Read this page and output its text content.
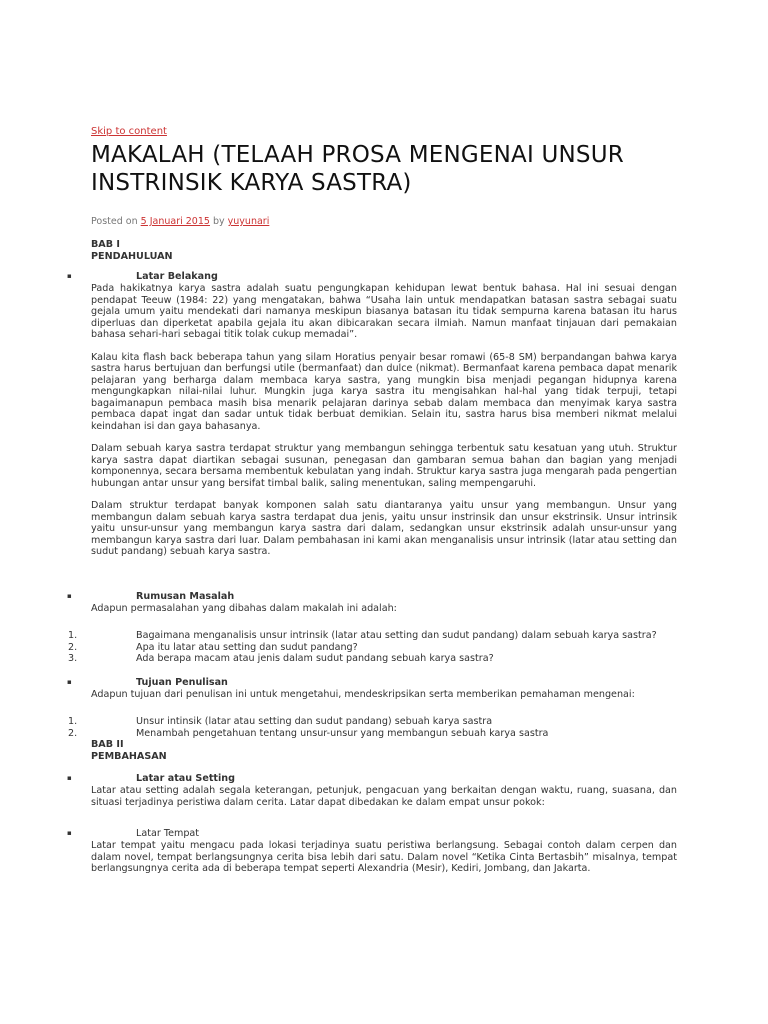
Skip to content
MAKALAH (TELAAH PROSA MENGENAI UNSUR INSTRINSIK KARYA SASTRA)
Posted on 5 Januari 2015 by yuyunari

BAB I

PENDAHULUAN

▪	Latar Belakang

Pada hakikatnya karya sastra adalah suatu pengungkapan kehidupan lewat bentuk bahasa. Hal ini sesuai dengan pendapat Teeuw (1984: 22) yang mengatakan, bahwa “Usaha lain untuk mendapatkan batasan sastra sebagai suatu gejala umum yaitu mendekati dari namanya meskipun biasanya batasan itu tidak sempurna karena batasan itu harus diperluas dan diperketat apabila gejala itu akan dibicarakan secara ilmiah. Namun manfaat tinjauan dari pemakaian bahasa sehari-hari sebagai titik tolak cukup memadai”.

Kalau kita flash back beberapa tahun yang silam Horatius penyair besar romawi (65-8 SM) berpandangan bahwa karya sastra harus bertujuan dan berfungsi utile (bermanfaat) dan dulce (nikmat). Bermanfaat karena pembaca dapat menarik pelajaran yang berharga dalam membaca karya sastra, yang mungkin bisa menjadi pegangan hidupnya karena mengungkapkan nilai-nilai luhur. Mungkin juga karya sastra itu mengisahkan hal-hal yang tidak terpuji, tetapi bagaimanapun pembaca masih bisa menarik pelajaran darinya sebab dalam membaca dan menyimak karya sastra pembaca dapat ingat dan sadar untuk tidak berbuat demikian. Selain itu, sastra harus bisa memberi nikmat melalui keindahan isi dan gaya bahasanya.

Dalam sebuah karya sastra terdapat struktur yang membangun sehingga terbentuk satu kesatuan yang utuh. Struktur karya sastra dapat diartikan sebagai susunan, penegasan dan gambaran semua bahan dan bagian yang menjadi komponennya, secara bersama membentuk kebulatan yang indah. Struktur karya sastra juga mengarah pada pengertian hubungan antar unsur yang bersifat timbal balik, saling menentukan, saling mempengaruhi.

Dalam struktur terdapat banyak komponen salah satu diantaranya yaitu unsur yang membangun. Unsur yang membangun dalam sebuah karya sastra terdapat dua jenis, yaitu unsur instrinsik dan unsur ekstrinsik. Unsur intrinsik yaitu unsur-unsur yang membangun karya sastra dari dalam, sedangkan unsur ekstrinsik adalah unsur-unsur yang membangun karya sastra dari luar. Dalam pembahasan ini kami akan menganalisis unsur intrinsik (latar atau setting dan sudut pandang) sebuah karya sastra.

▪	Rumusan Masalah

Adapun permasalahan yang dibahas dalam makalah ini adalah:

1.	Bagaimana menganalisis unsur intrinsik (latar atau setting dan sudut pandang) dalam sebuah karya sastra?

2.	Apa itu latar atau setting dan sudut pandang?

3.	Ada berapa macam atau jenis dalam sudut pandang sebuah karya sastra?

▪	Tujuan Penulisan

Adapun tujuan dari penulisan ini untuk mengetahui, mendeskripsikan serta memberikan pemahaman mengenai:

1.	Unsur intinsik (latar atau setting dan sudut pandang) sebuah karya sastra

2.	Menambah pengetahuan tentang unsur-unsur yang membangun sebuah karya sastra

BAB II

PEMBAHASAN

▪	Latar atau Setting

Latar atau setting adalah segala keterangan, petunjuk, pengacuan yang berkaitan dengan waktu, ruang, suasana, dan situasi terjadinya peristiwa dalam cerita. Latar dapat dibedakan ke dalam empat unsur pokok:

▪	Latar Tempat

Latar tempat yaitu mengacu pada lokasi terjadinya suatu peristiwa berlangsung. Sebagai contoh dalam cerpen dan dalam novel, tempat berlangsungnya cerita bisa lebih dari satu. Dalam novel “Ketika Cinta Bertasbih” misalnya, tempat berlangsungnya cerita ada di beberapa tempat seperti Alexandria (Mesir), Kediri, Jombang, dan Jakarta.
